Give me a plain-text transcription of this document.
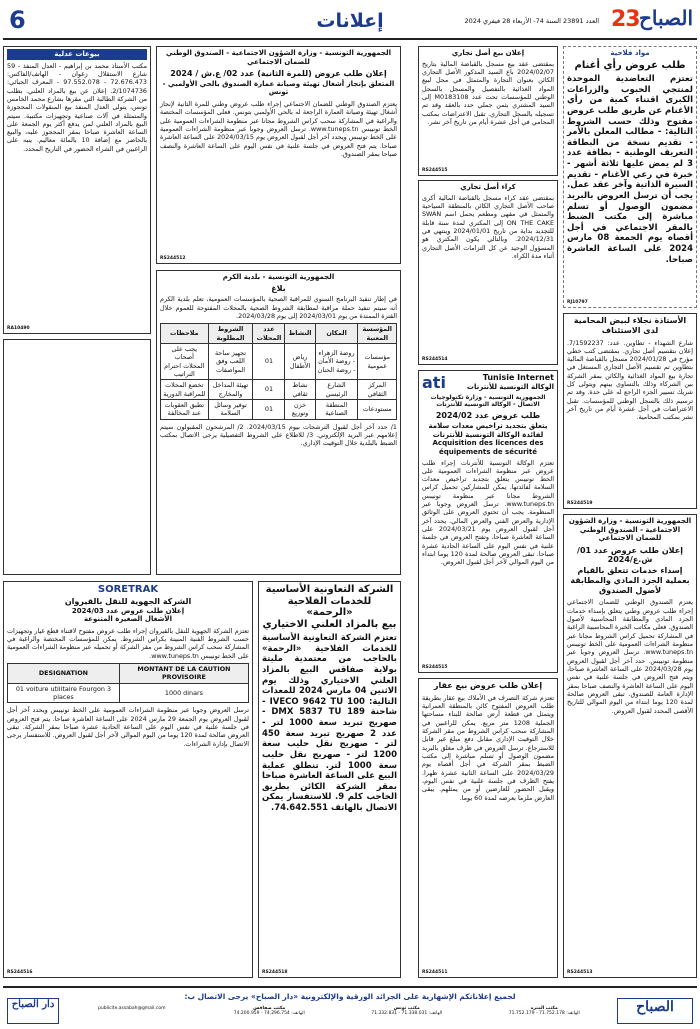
23 الصباح
العدد 23891 السنة 74- الأربعاء 28 فيفري 2024
إعلانات
6
مواد فلاحية
طلب عروض رأي أغنام

تعتزم التعاضدية الموحدة لمنتجي الحبوب والزراعات الكبرى اقتناء كمية من رأي الأغنام عن طريق طلب عروض مفتوح وذلك حسب الشروط التالية: - مطالب المعلن بالأمر - تقديم نسخة من البطاقة التعريف الوطنية - بطاقة عدد 3 لم يمض عليها ثلاثة أشهر - خبرة في رعي الأغنام - تقديم السيرة الذاتية وآخر عقد عمل. يجب أن ترسل العروض بالبريد مضمون الوصول أو تسلم مباشرة إلى مكتب الضبط بالمقر الاجتماعي في أجل أقصاه يوم الجمعة 08 مارس 2024 على الساعة العاشرة صباحا.

RJ10797
الأستاذة نجلاء لبيض المحامية لدى الاستئناف

شارع الشهداء - تطاوين. عدد: 7/1592237. إعلان بتقسيم أصل تجاري. بمقتضى كتب خطي مؤرخ في 2024/01/28 مسجل بالقباضة المالية بتطاوين تم تقسيم الأصل التجاري المستغل في تجارة بيع المواد الغذائية والكائن بمقر الشركة بين الشركاء وذلك بالتساوي بينهم ويتولى كل شريك تسيير الجزء الراجع له على حدة. وقد تم ترسيم ذلك بالسجل الوطني للمؤسسات. تقبل الاعتراضات في أجل عشرة أيام من تاريخ آخر نشر بمكتب المحامية.

RS244519
الجمهورية التونسية - وزارة الشؤون الاجتماعية - الصندوق الوطني للضمان الاجتماعي
إعلان طلب عروض عدد 01/ ش.ع/2024
إسداء خدمات تتعلق بالقيام بعملية الجرد المادي والمطابقة لأصول الصندوق

يعتزم الصندوق الوطني للضمان الاجتماعي إجراء طلب عروض وطني يتعلق بإسداء خدمات الجرد المادي والمطابقة المحاسبية لأصول الصندوق. فعلى مكاتب الخبرة المحاسبية الراغبة في المشاركة تحميل كراس الشروط مجانا عبر منظومة الشراءات العمومية على الخط تونيبس www.tuneps.tn. ترسل العروض وجوبا عبر منظومة تونيبس. حدد آخر أجل لقبول العروض يوم 2024/03/28 على الساعة العاشرة صباحا، ويتم فتح العروض في جلسة علنية في نفس اليوم على الساعة العاشرة والنصف صباحا بمقر الإدارة العامة للصندوق. تبقى العروض صالحة لمدة 120 يوما ابتداء من اليوم الموالي للتاريخ الأقصى المحدد لقبول العروض.

RS244513
إعلان بيع أصل تجاري

بمقتضى عقد بيع مسجل بالقباضة المالية بتاريخ 2024/02/07 باع السيد المذكور الأصل التجاري الكائن بعنوان التجارة والمتمثل في محل لبيع المواد الغذائية بالتفصيل والمسجل بالسجل الوطني للمؤسسات تحت عدد M0183108 إلى السيد المشتري بثمن جملي حدد بالعقد وقد تم تسجيله بالسجل التجاري. تقبل الاعتراضات بمكتب المحامي في أجل عشرة أيام من تاريخ آخر نشر.

RS244515
كراء أصل تجاري

بمقتضى عقد كراء مسجل بالقباضة المالية أكرى صاحب الأصل التجاري الكائن بالمنطقة السياحية والمتمثل في مقهى ومطعم يحمل اسم SWAN ON THE CAKE إلى المكتري لمدة سنة قابلة للتجديد بداية من تاريخ 2024/01/01 وينتهي في 2024/12/31. وبالتالي يكون المكتري هو المسؤول الوحيد عن كل التزامات الأصل التجاري أثناء مدة الكراء.

RS244514
ati	Tunisie Internet
الوكالة التونسية للأنترنات
الجمهورية التونسية - وزارة تكنولوجيات الاتصال - الوكالة التونسية للأنترنات
طلب عروض عدد 2024/02
يتعلق بتجديد تراخيص معدات سلامة لفائدة الوكالة التونسية للأنترنات
Acquisition des licences des équipements de sécurité

تعتزم الوكالة التونسية للأنترنات إجراء طلب عروض عبر منظومة الشراءات العمومية على الخط تونيبس يتعلق بتجديد تراخيص معدات السلامة لفائدتها. يمكن للمشاركين تحميل كراس الشروط مجانا عبر منظومة تونيبس www.tuneps.tn. ترسل العروض وجوبا عبر المنظومة. يجب أن تحتوي العروض على الوثائق الإدارية والعرض الفني والعرض المالي. يحدد آخر أجل لقبول العروض يوم 2024/03/21 على الساعة العاشرة صباحا، وتفتح العروض في جلسة علنية في نفس اليوم على الساعة الحادية عشرة صباحا. تبقى العروض صالحة لمدة 120 يوما ابتداء من اليوم الموالي لآخر أجل لقبول العروض.

RS244515
إعلان طلب عروض بيع عقار

تعتزم شركة التصرف في الأملاك بيع عقار بطريقة طلب العروض المفتوح كائن بالمنطقة العمرانية ويتمثل في قطعة أرض صالحة للبناء مساحتها الجملية 1208 متر مربع. يمكن للراغبين في المشاركة سحب كراس الشروط من مقر الشركة خلال التوقيت الإداري مقابل دفع مبلغ غير قابل للاسترجاع. ترسل العروض في ظرف مغلق بالبريد مضمون الوصول أو تسلم مباشرة إلى مكتب الضبط بمقر الشركة في أجل أقصاه يوم 2024/03/29 على الساعة الثانية عشرة ظهرا. يفتح الظرف في جلسة علنية في نفس اليوم، ويقبل الحضور للعارضين أو من يمثلهم. يبقى العارض ملزما بعرضه لمدة 60 يوما.

RS244511
الجمهورية التونسية - وزارة الشؤون الاجتماعية - الصندوق الوطني للضمان الاجتماعي
إعلان طلب عروض (للمرة الثانية) عدد 02/ ع.ش / 2024
المتعلق بإنجاز أشغال تهيئة وصيانة عمارة الصندوق بالحي الأولمبي - تونس

يعتزم الصندوق الوطني للضمان الاجتماعي إجراء طلب عروض وطني للمرة الثانية لإنجاز أشغال تهيئة وصيانة العمارة الراجعة له بالحي الأولمبي بتونس. فعلى المؤسسات المختصة والراغبة في المشاركة سحب كراس الشروط مجانا عبر منظومة الشراءات العمومية على الخط تونيبس www.tuneps.tn. ترسل العروض وجوبا عبر منظومة الشراءات العمومية على الخط تونيبس ويحدد آخر أجل لقبول العروض يوم 2024/03/15 على الساعة العاشرة صباحا. يتم فتح العروض في جلسة علنية في نفس اليوم على الساعة العاشرة والنصف صباحا بمقر الصندوق.

RS244512
بيوعات عدلية

مكتب الأستاذ محمد بن إبراهيم - العدل المنفذ - 59 شارع الاستقلال زغوان - الهاتف/الفاكس: 72.676.473 - 97.552.078 - المعرف الجبائي: 2/1074736. إعلان عن بيع بالمزاد العلني. بطلب من الشركة الطالبة التي مقرها بشارع محمد الخامس تونس، يتولى العدل المنفذ بيع المنقولات المحجوزة والمتمثلة في آلات صناعية وتجهيزات مكتبية. سيتم البيع بالمزاد العلني لمن يدفع أكثر يوم الجمعة على الساعة العاشرة صباحا بمقر المحجوز عليه، والبيع بالحاضر مع إضافة 10 بالمائة معاليم. ينبه على الراغبين في الشراء الحضور في التاريخ المحدد.

RA10490
الجمهورية التونسية - بلدية الكرم
بلاغ

في إطار تنفيذ البرنامج السنوي للمراقبة الصحية بالمؤسسات العمومية، تعلم بلدية الكرم أنه سيتم تنفيذ حملة مراقبة لمطابقة الشروط الصحية بالمحلات المفتوحة للعموم خلال الفترة الممتدة من يوم 2024/03/01 إلى يوم 2024/03/28.

المؤسسة المعنية	المكان	النشاط	عدد المحلات	الشروط المطلوبة	ملاحظات
مؤسسات عمومية	روضة الزهراء - روضة الأمان - روضة الحنان	رياض الأطفال	01	تجهيز ساحة اللعب وفق المواصفات	يجب على أصحاب المحلات احترام التراتيب
المركز الثقافي	الشارع الرئيسي	نشاط ثقافي	01	تهيئة المداخل والمخارج	تخضع المحلات للمراقبة الدورية
مستودعات	المنطقة الصناعية	خزن وتوزيع	01	توفير وسائل السلامة	تطبق العقوبات عند المخالفة

1/ حدد آخر أجل لقبول الترشحات بيوم 2024/03/15. 2/ المرشحون المقبولون سيتم إعلامهم عبر البريد الإلكتروني. 3/ للاطلاع على الشروط التفصيلية يرجى الاتصال بمكتب الضبط بالبلدية خلال التوقيت الإداري.

SORETRAK
الشركة الجهوية للنقل بالقيروان
إعلان طلب عروض عدد 2024/03
الأشغال الصغيرة المتنوعة

تعتزم الشركة الجهوية للنقل بالقيروان إجراء طلب عروض مفتوح لاقتناء قطع غيار وتجهيزات حسب الشروط الفنية المبينة بكراس الشروط. يمكن للمؤسسات المختصة والراغبة في المشاركة سحب كراس الشروط من مقر الشركة أو تحميله عبر منظومة الشراءات العمومية على الخط تونيبس www.tuneps.tn.

DESIGNATION	MONTANT DE LA CAUTION PROVISOIRE
01 voiture utilitaire Fourgon 3 places	1000 dinars

ترسل العروض وجوبا عبر منظومة الشراءات العمومية على الخط تونيبس ويحدد آخر أجل لقبول العروض يوم الجمعة 29 مارس 2024 على الساعة العاشرة صباحا. يتم فتح العروض في جلسة علنية في نفس اليوم على الساعة الحادية عشرة صباحا بمقر الشركة. تبقى العروض صالحة لمدة 120 يوما من اليوم الموالي لآخر أجل لقبول العروض. للاستفسار يرجى الاتصال بإدارة الشراءات.

RS244516
الشركة التعاونية الأساسية للخدمات الفلاحية
«الرحمة»
بيع بالمزاد العلني الاختياري

تعتزم الشركة التعاونية الأساسية للخدمات الفلاحية «الرحمة» بالحاجب من معتمدية مليتة بولاية صفاقس البيع بالمزاد العلني الاختياري وذلك يوم الاثنين 04 مارس 2024 للمعدات التالية: IVECO 9642 TU 100 - شاحنة DMX 5837 TU 189 - صهريج تبريد سعة 1000 لتر - عدد 2 صهريج تبريد سعة 450 لتر - صهريج نقل حليب سعة 1200 لتر - صهريج نقل حليب سعة 1000 لتر. تنطلق عملية البيع على الساعة العاشرة صباحا بمقر الشركة الكائن بطريق الحاجب كلم 9. للاستفسار يمكن الاتصال بالهاتف 74.642.551.

RS244518
لجميع إعلاناتكم الإشهارية على الجرائد الورقية والإلكترونية «دار الصباح» يرجى الاتصال ب:
مكتب المنزه
الهاتف: 71.752.178 - 71.752.179
مكتب تونس
الهاتف: 71.338.031 - 71.332.831
مكتب صفاقس
الهاتف: 74.296.754 - 74.200.959
publicite.assabah@gmail.com	الصباح
دار الصباح
